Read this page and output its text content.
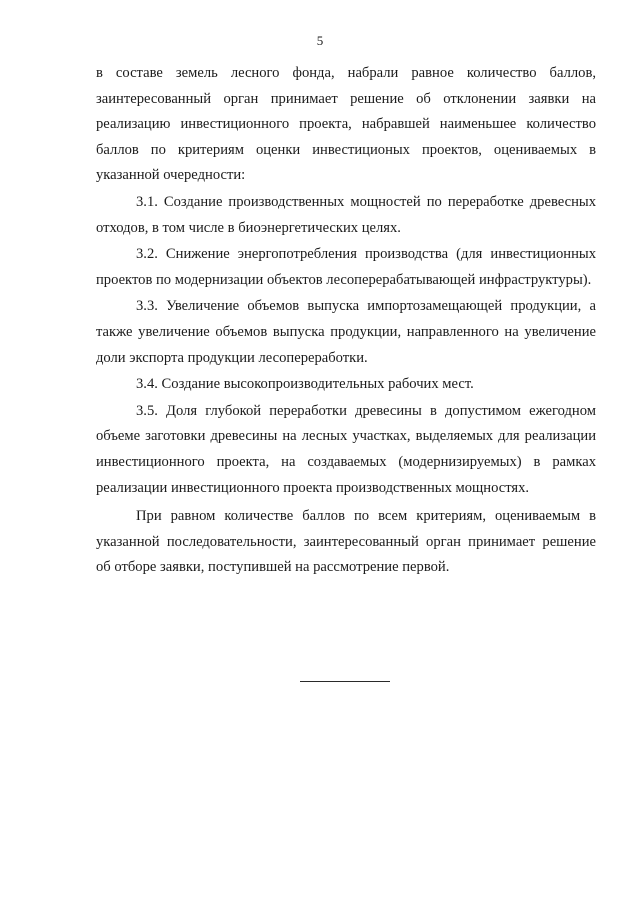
5

в составе земель лесного фонда, набрали равное количество баллов, заинтересованный орган принимает решение об отклонении заявки на реализацию инвестиционного проекта, набравшей наименьшее количество баллов по критериям оценки инвестиционых проектов, оцениваемых в указанной очередности:

3.1. Создание производственных мощностей по переработке древесных отходов, в том числе в биоэнергетических целях.

3.2. Снижение энергопотребления производства (для инвестиционных проектов по модернизации объектов лесоперерабатывающей инфраструктуры).

3.3. Увеличение объемов выпуска импортозамещающей продукции, а также увеличение объемов выпуска продукции, направленного на увеличение доли экспорта продукции лесопереработки.

3.4. Создание высокопроизводительных рабочих мест.

3.5. Доля глубокой переработки древесины в допустимом ежегодном объеме заготовки древесины на лесных участках, выделяемых для реализации инвестиционного проекта, на создаваемых (модернизируемых) в рамках реализации инвестиционного проекта производственных мощностях.

При равном количестве баллов по всем критериям, оцениваемым в указанной последовательности, заинтересованный орган принимает решение об отборе заявки, поступившей на рассмотрение первой.
